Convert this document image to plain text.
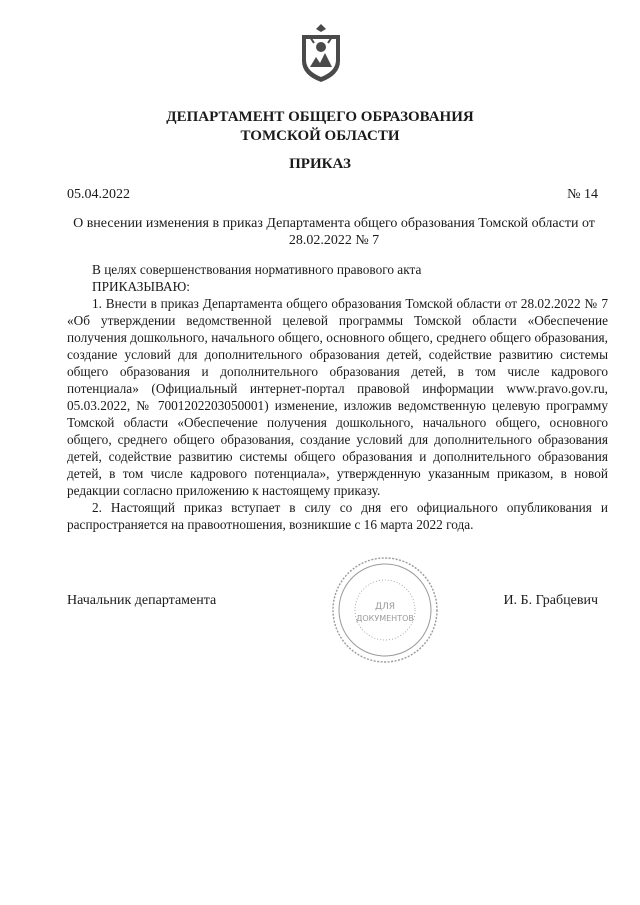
ДЕПАРТАМЕНТ ОБЩЕГО ОБРАЗОВАНИЯ
ТОМСКОЙ ОБЛАСТИ
ПРИКАЗ
05.04.2022	№ 14
О внесении изменения в приказ Департамента общего образования Томской области от 28.02.2022 № 7

В целях совершенствования нормативного правового акта

ПРИКАЗЫВАЮ:

1. Внести в приказ Департамента общего образования Томской области от 28.02.2022 № 7 «Об утверждении ведомственной целевой программы Томской области «Обеспечение получения дошкольного, начального общего, основного общего, среднего общего образования, создание условий для дополнительного образования детей, содействие развитию системы общего образования и дополнительного образования детей, в том числе кадрового потенциала» (Официальный интернет-портал правовой информации www.pravo.gov.ru, 05.03.2022, № 7001202203050001) изменение, изложив ведомственную целевую программу Томской области «Обеспечение получения дошкольного, начального общего, основного общего, среднего общего образования, создание условий для дополнительного образования детей, содействие развитию системы общего образования и дополнительного образования детей, в том числе кадрового потенциала», утвержденную указанным приказом, в новой редакции согласно приложению к настоящему приказу.

2. Настоящий приказ вступает в силу со дня его официального опубликования и распространяется на правоотношения, возникшие с 16 марта 2022 года.

Начальник департамента	И. Б. Грабцевич
ДЛЯ
ДОКУМЕНТОВ
